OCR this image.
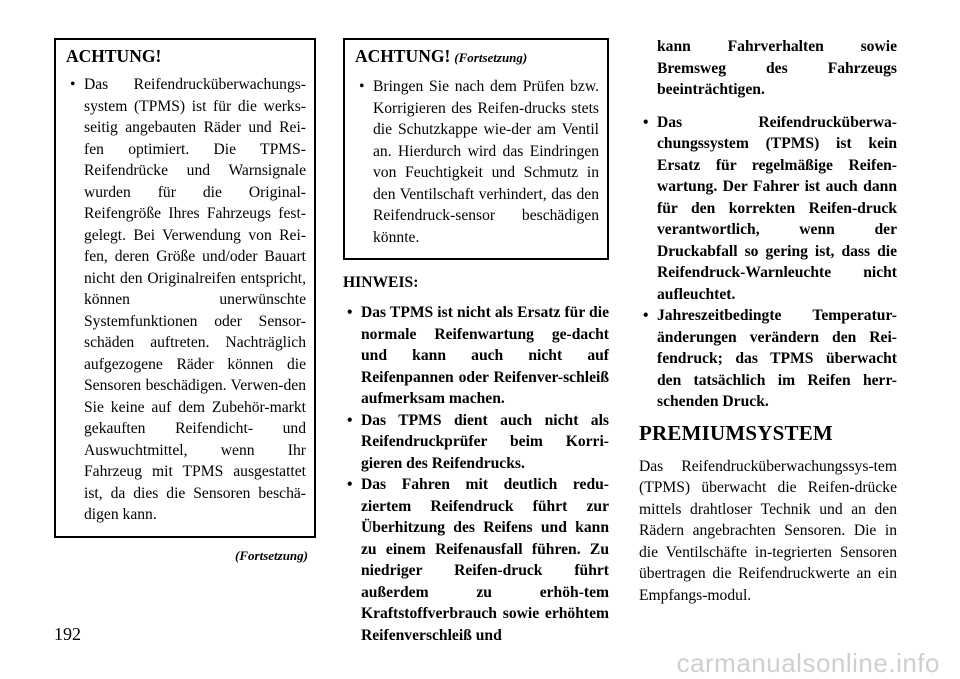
ACHTUNG!
• Das Reifendrucküberwachungs-system (TPMS) ist für die werks-seitig angebauten Räder und Rei-fen optimiert. Die TPMS-Reifendrücke und Warnsignale wurden für die Original-Reifengröße Ihres Fahrzeugs fest-gelegt. Bei Verwendung von Rei-fen, deren Größe und/oder Bauart nicht den Originalreifen entspricht, können unerwünschte Systemfunktionen oder Sensor-schäden auftreten. Nachträglich aufgezogene Räder können die Sensoren beschädigen. Verwen-den Sie keine auf dem Zubehör-markt gekauften Reifendicht- und Auswuchtmittel, wenn Ihr Fahrzeug mit TPMS ausgestattet ist, da dies die Sensoren beschä-digen kann.
(Fortsetzung)
ACHTUNG! (Fortsetzung)
• Bringen Sie nach dem Prüfen bzw. Korrigieren des Reifen-drucks stets die Schutzkappe wie-der am Ventil an. Hierdurch wird das Eindringen von Feuchtigkeit und Schmutz in den Ventilschaft verhindert, das den Reifendruck-sensor beschädigen könnte.
HINWEIS:
• Das TPMS ist nicht als Ersatz für die normale Reifenwartung ge-dacht und kann auch nicht auf Reifenpannen oder Reifenver-schleiß aufmerksam machen.
• Das TPMS dient auch nicht als Reifendruckprüfer beim Korri-gieren des Reifendrucks.
• Das Fahren mit deutlich redu-ziertem Reifendruck führt zur Überhitzung des Reifens und kann zu einem Reifenausfall führen. Zu niedriger Reifen-druck führt außerdem zu erhöh-tem Kraftstoffverbrauch sowie erhöhtem Reifenverschleiß und
kann Fahrverhalten sowie Bremsweg des Fahrzeugs beeinträchtigen.
• Das Reifendrucküberwa-chungssystem (TPMS) ist kein Ersatz für regelmäßige Reifen-wartung. Der Fahrer ist auch dann für den korrekten Reifen-druck verantwortlich, wenn der Druckabfall so gering ist, dass die Reifendruck-Warnleuchte nicht aufleuchtet.
• Jahreszeitbedingte Temperatur-änderungen verändern den Rei-fendruck; das TPMS überwacht den tatsächlich im Reifen herr-schenden Druck.
PREMIUMSYSTEM

Das Reifendrucküberwachungssys-tem (TPMS) überwacht die Reifen-drücke mittels drahtloser Technik und an den Rädern angebrachten Sensoren. Die in die Ventilschäfte in-tegrierten Sensoren übertragen die Reifendruckwerte an ein Empfangs-modul.

192
carmanualsonline.info
